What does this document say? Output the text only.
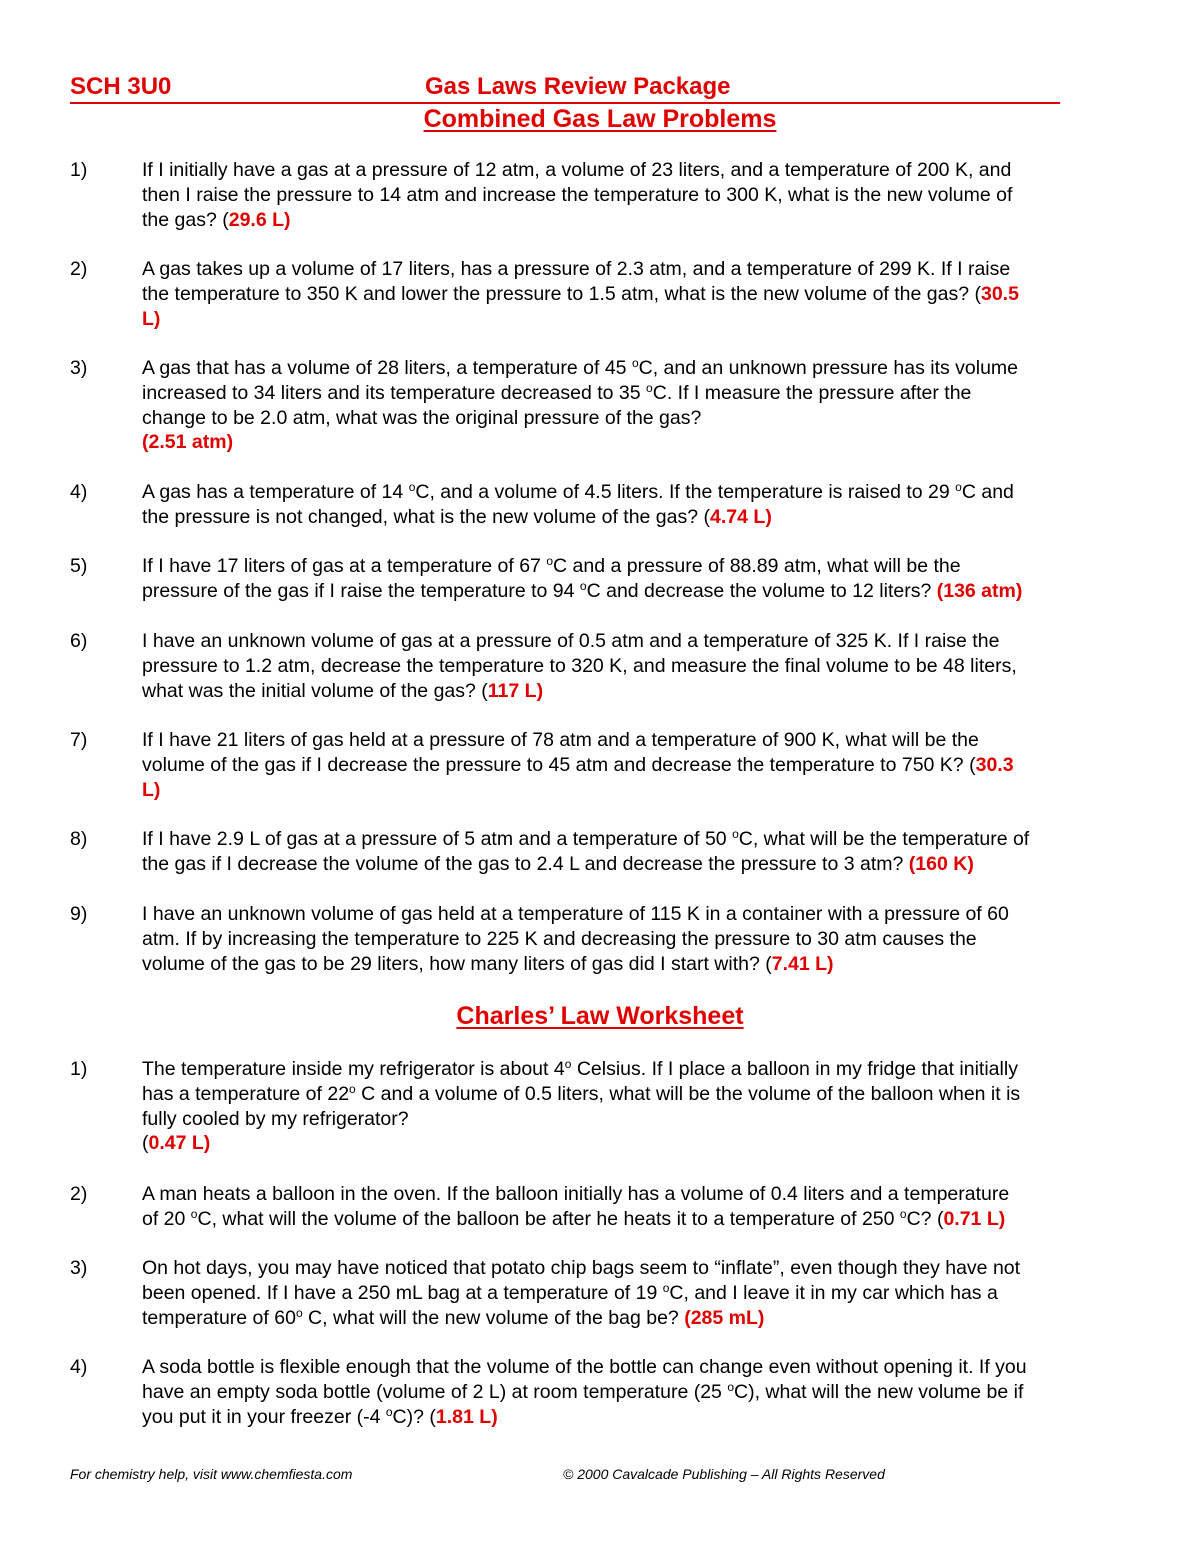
SCH 3U0	Gas Laws Review Package
Combined Gas Law Problems
1)	If I initially have a gas at a pressure of 12 atm, a volume of 23 liters, and a temperature of 200 K, and
then I raise the pressure to 14 atm and increase the temperature to 300 K, what is the new volume of
the gas? (29.6 L)
2)	A gas takes up a volume of 17 liters, has a pressure of 2.3 atm, and a temperature of 299 K. If I raise
the temperature to 350 K and lower the pressure to 1.5 atm, what is the new volume of the gas? (30.5
L)
3)	A gas that has a volume of 28 liters, a temperature of 45 $^o$C, and an unknown pressure has its volume
increased to 34 liters and its temperature decreased to 35 $^o$C. If I measure the pressure after the
change to be 2.0 atm, what was the original pressure of the gas?
(2.51 atm)
4)	A gas has a temperature of 14 $^o$C, and a volume of 4.5 liters. If the temperature is raised to 29 $^o$C and
the pressure is not changed, what is the new volume of the gas? (4.74 L)
5)	If I have 17 liters of gas at a temperature of 67 $^o$C and a pressure of 88.89 atm, what will be the
pressure of the gas if I raise the temperature to 94 $^o$C and decrease the volume to 12 liters? (136 atm)
6)	I have an unknown volume of gas at a pressure of 0.5 atm and a temperature of 325 K. If I raise the
pressure to 1.2 atm, decrease the temperature to 320 K, and measure the final volume to be 48 liters,
what was the initial volume of the gas? (117 L)
7)	If I have 21 liters of gas held at a pressure of 78 atm and a temperature of 900 K, what will be the
volume of the gas if I decrease the pressure to 45 atm and decrease the temperature to 750 K? (30.3
L)
8)	If I have 2.9 L of gas at a pressure of 5 atm and a temperature of 50 $^o$C, what will be the temperature of
the gas if I decrease the volume of the gas to 2.4 L and decrease the pressure to 3 atm? (160 K)
9)	I have an unknown volume of gas held at a temperature of 115 K in a container with a pressure of 60
atm. If by increasing the temperature to 225 K and decreasing the pressure to 30 atm causes the
volume of the gas to be 29 liters, how many liters of gas did I start with? (7.41 L)
Charles’ Law Worksheet
1)	The temperature inside my refrigerator is about 4$^o$ Celsius. If I place a balloon in my fridge that initially
has a temperature of 22$^o$ C and a volume of 0.5 liters, what will be the volume of the balloon when it is
fully cooled by my refrigerator?
(0.47 L)
2)	A man heats a balloon in the oven. If the balloon initially has a volume of 0.4 liters and a temperature
of 20 $^o$C, what will the volume of the balloon be after he heats it to a temperature of 250 $^o$C? (0.71 L)
3)	On hot days, you may have noticed that potato chip bags seem to “inflate”, even though they have not
been opened. If I have a 250 mL bag at a temperature of 19 $^o$C, and I leave it in my car which has a
temperature of 60$^o$ C, what will the new volume of the bag be? (285 mL)
4)	A soda bottle is flexible enough that the volume of the bottle can change even without opening it. If you
have an empty soda bottle (volume of 2 L) at room temperature (25 $^o$C), what will the new volume be if
you put it in your freezer (-4 $^o$C)? (1.81 L)
For chemistry help, visit www.chemfiesta.com	© 2000 Cavalcade Publishing – All Rights Reserved
